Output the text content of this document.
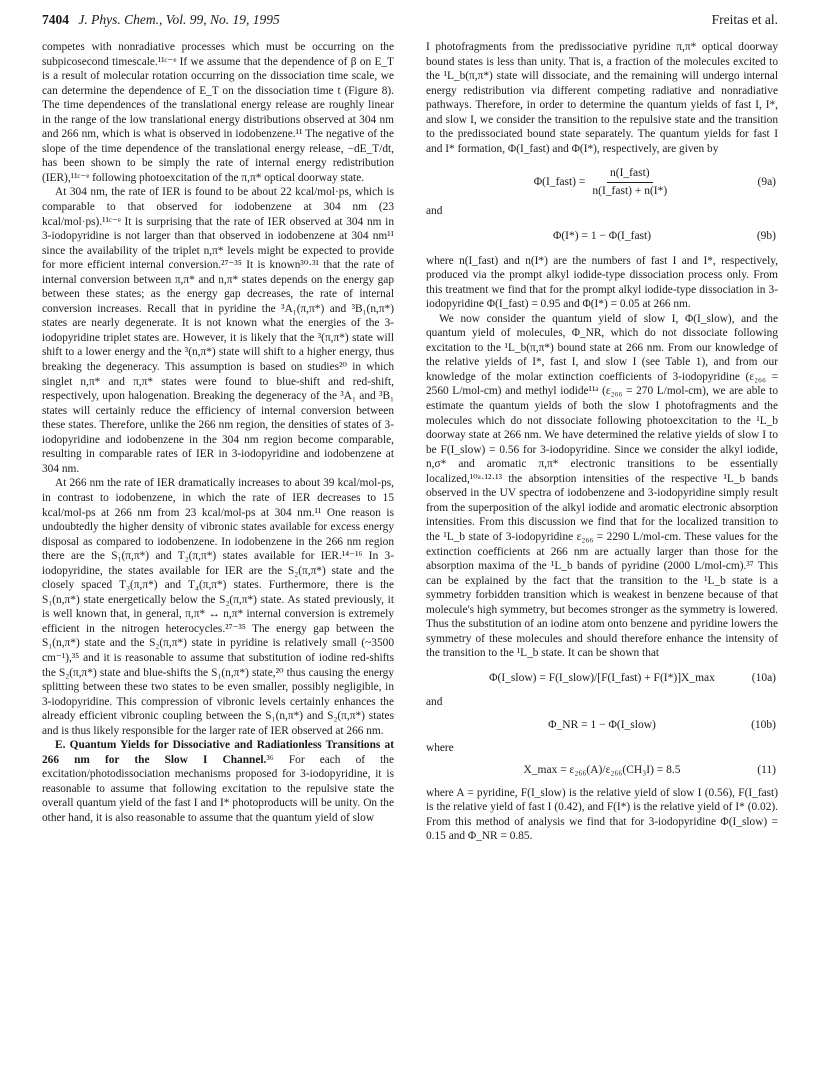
7404 J. Phys. Chem., Vol. 99, No. 19, 1995	Freitas et al.

competes with nonradiative processes which must be occurring on the subpicosecond timescale.¹¹ᶜ⁻ᵉ If we assume that the dependence of β on E_T is a result of molecular rotation occurring on the dissociation time scale, we can determine the dependence of E_T on the dissociation time t (Figure 8). The time dependences of the translational energy release are roughly linear in the range of the low translational energy distributions observed at 304 nm and 266 nm, which is what is observed in iodobenzene.¹¹ The negative of the slope of the time dependence of the translational energy release, −dE_T/dt, has been shown to be simply the rate of internal energy redistribution (IER),¹¹ᶜ⁻ᵉ following photoexcitation of the π,π* optical doorway state.

At 304 nm, the rate of IER is found to be about 22 kcal/mol·ps, which is comparable to that observed for iodobenzene at 304 nm (23 kcal/mol·ps).¹¹ᶜ⁻ᵉ It is surprising that the rate of IER observed at 304 nm in 3-iodopyridine is not larger than that observed in iodobenzene at 304 nm¹¹ since the availability of the triplet n,π* levels might be expected to provide for more efficient internal conversion.²⁷⁻³⁵ It is known³⁰·³¹ that the rate of internal conversion between π,π* and n,π* states depends on the energy gap between these states; as the energy gap decreases, the rate of internal conversion increases. Recall that in pyridine the ³A₁(π,π*) and ³B₁(n,π*) states are nearly degenerate. It is not known what the energies of the 3-iodopyridine triplet states are. However, it is likely that the ³(π,π*) state will shift to a lower energy and the ³(n,π*) state will shift to a higher energy, thus breaking the degeneracy. This assumption is based on studies²⁰ in which singlet n,π* and π,π* states were found to blue-shift and red-shift, respectively, upon halogenation. Breaking the degeneracy of the ³A₁ and ³B₁ states will certainly reduce the efficiency of internal conversion between these states. Therefore, unlike the 266 nm region, the densities of states of 3-iodopyridine and iodobenzene in the 304 nm region become comparable, resulting in comparable rates of IER in 3-iodopyridine and iodobenzene at 304 nm.

At 266 nm the rate of IER dramatically increases to about 39 kcal/mol-ps, in contrast to iodobenzene, in which the rate of IER decreases to 15 kcal/mol-ps at 266 nm from 23 kcal/mol-ps at 304 nm.¹¹ One reason is undoubtedly the higher density of vibronic states available for excess energy disposal as compared to iodobenzene. In iodobenzene in the 266 nm region there are the S₁(π,π*) and T₂(π,π*) states available for IER.¹⁴⁻¹⁶ In 3-iodopyridine, the states available for IER are the S₂(π,π*) state and the closely spaced T₃(π,π*) and T₄(π,π*) states. Furthermore, there is the S₁(n,π*) state energetically below the S₂(π,π*) state. As stated previously, it is well known that, in general, π,π* ↔ n,π* internal conversion is extremely efficient in the nitrogen heterocycles.²⁷⁻³⁵ The energy gap between the S₁(n,π*) state and the S₂(π,π*) state in pyridine is relatively small (~3500 cm⁻¹),³⁵ and it is reasonable to assume that substitution of iodine red-shifts the S₂(π,π*) state and blue-shifts the S₁(n,π*) state,²⁰ thus causing the energy splitting between these two states to be even smaller, possibly negligible, in 3-iodopyridine. This compression of vibronic levels certainly enhances the already efficient vibronic coupling between the S₁(n,π*) and S₂(π,π*) states and is thus likely responsible for the larger rate of IER observed at 266 nm.

E. Quantum Yields for Dissociative and Radiationless Transitions at 266 nm for the Slow I Channel.³⁶ For each of the excitation/photodissociation mechanisms proposed for 3-iodopyridine, it is reasonable to assume that following excitation to the repulsive state the overall quantum yield of the fast I and I* photoproducts will be unity. On the other hand, it is also reasonable to assume that the quantum yield of slow

I photofragments from the predissociative pyridine π,π* optical doorway bound states is less than unity. That is, a fraction of the molecules excited to the ¹L_b(π,π*) state will dissociate, and the remaining will undergo internal energy redistribution via different competing radiative and nonradiative pathways. Therefore, in order to determine the quantum yields of fast I, I*, and slow I, we consider the transition to the repulsive state and the transition to the predissociated bound state separately. The quantum yields for fast I and I* formation, Φ(I_fast) and Φ(I*), respectively, are given by

Φ(I_fast) = $\frac{\text{n(I\_fast)}}{\text{n(I\_fast) + n(I*)}}$	(9a)

and

Φ(I*) = 1 − Φ(I_fast)	(9b)

where n(I_fast) and n(I*) are the numbers of fast I and I*, respectively, produced via the prompt alkyl iodide-type dissociation process only. From this treatment we find that for the prompt alkyl iodide-type dissociation in 3-iodopyridine Φ(I_fast) = 0.95 and Φ(I*) = 0.05 at 266 nm.

We now consider the quantum yield of slow I, Φ(I_slow), and the quantum yield of molecules, Φ_NR, which do not dissociate following excitation to the ¹L_b(π,π*) bound state at 266 nm. From our knowledge of the relative yields of I*, fast I, and slow I (see Table 1), and from our knowledge of the molar extinction coefficients of 3-iodopyridine (ε₂₆₆ = 2560 L/mol-cm) and methyl iodide¹¹ᵃ (ε₂₆₆ = 270 L/mol-cm), we are able to estimate the quantum yields of both the slow I photofragments and the molecules which do not dissociate following photoexcitation to the ¹L_b doorway state at 266 nm. We have determined the relative yields of slow I to be F(I_slow) = 0.56 for 3-iodopyridine. Since we consider the alkyl iodide, n,σ* and aromatic π,π* electronic transitions to be essentially localized,¹⁰ᵃ·¹²·¹³ the absorption intensities of the respective ¹L_b bands observed in the UV spectra of iodobenzene and 3-iodopyridine simply result from the superposition of the alkyl iodide and aromatic electronic absorption intensities. From this discussion we find that for the localized transition to the ¹L_b state of 3-iodopyridine ε₂₆₆ = 2290 L/mol-cm. These values for the extinction coefficients at 266 nm are actually larger than those for the absorption maxima of the ¹L_b bands of pyridine (2000 L/mol-cm).³⁷ This can be explained by the fact that the transition to the ¹L_b state is a symmetry forbidden transition which is weakest in benzene because of that molecule's high symmetry, but becomes stronger as the symmetry is lowered. Thus the substitution of an iodine atom onto benzene and pyridine lowers the symmetry of these molecules and should therefore enhance the intensity of the transition to the ¹L_b state. It can be shown that

Φ(I_slow) = F(I_slow)/[F(I_fast) + F(I*)]X_max	(10a)

and

Φ_NR = 1 − Φ(I_slow)	(10b)

where

X_max = ε₂₆₆(A)/ε₂₆₆(CH₃I) = 8.5	(11)

where A = pyridine, F(I_slow) is the relative yield of slow I (0.56), F(I_fast) is the relative yield of fast I (0.42), and F(I*) is the relative yield of I* (0.02). From this method of analysis we find that for 3-iodopyridine Φ(I_slow) = 0.15 and Φ_NR = 0.85.
